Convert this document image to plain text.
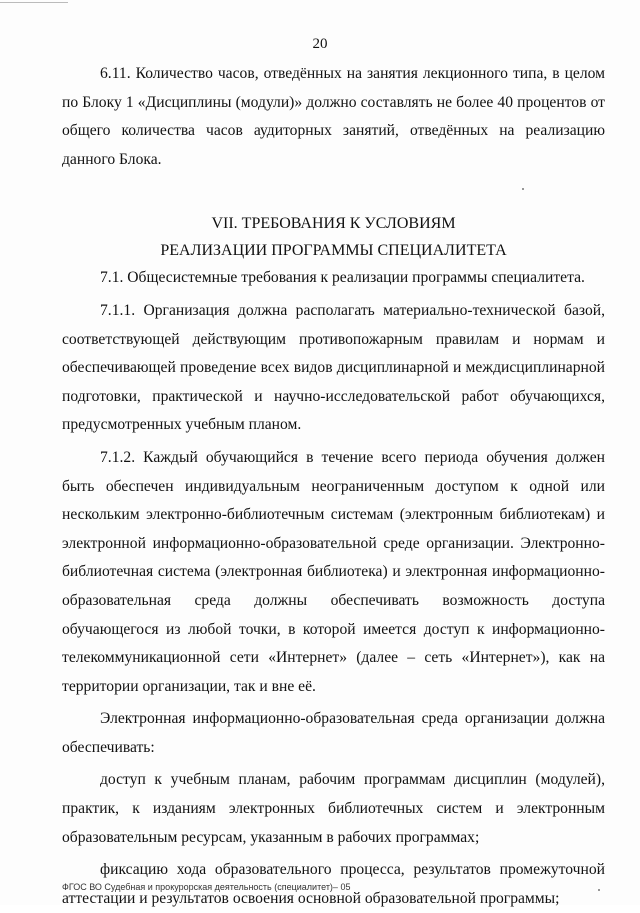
20

6.11. Количество часов, отведённых на занятия лекционного типа, в целом по Блоку 1 «Дисциплины (модули)» должно составлять не более 40 процентов от общего количества часов аудиторных занятий, отведённых на реализацию данного Блока.

VII. ТРЕБОВАНИЯ К УСЛОВИЯМ

РЕАЛИЗАЦИИ ПРОГРАММЫ СПЕЦИАЛИТЕТА

7.1. Общесистемные требования к реализации программы специалитета.

7.1.1. Организация должна располагать материально-технической базой, соответствующей действующим противопожарным правилам и нормам и обеспечивающей проведение всех видов дисциплинарной и междисциплинарной подготовки, практической и научно-исследовательской работ обучающихся, предусмотренных учебным планом.

7.1.2. Каждый обучающийся в течение всего периода обучения должен быть обеспечен индивидуальным неограниченным доступом к одной или нескольким электронно-библиотечным системам (электронным библиотекам) и электронной информационно-образовательной среде организации. Электронно-библиотечная система (электронная библиотека) и электронная информационно-образовательная среда должны обеспечивать возможность доступа обучающегося из любой точки, в которой имеется доступ к информационно-телекоммуникационной сети «Интернет» (далее – сеть «Интернет»), как на территории организации, так и вне её.

Электронная информационно-образовательная среда организации должна обеспечивать:

доступ к учебным планам, рабочим программам дисциплин (модулей), практик, к изданиям электронных библиотечных систем и электронным образовательным ресурсам, указанным в рабочих программах;

фиксацию хода образовательного процесса, результатов промежуточной аттестации и результатов освоения основной образовательной программы;

ФГОС ВО Судебная и прокурорская деятельность (специалитет)– 05
